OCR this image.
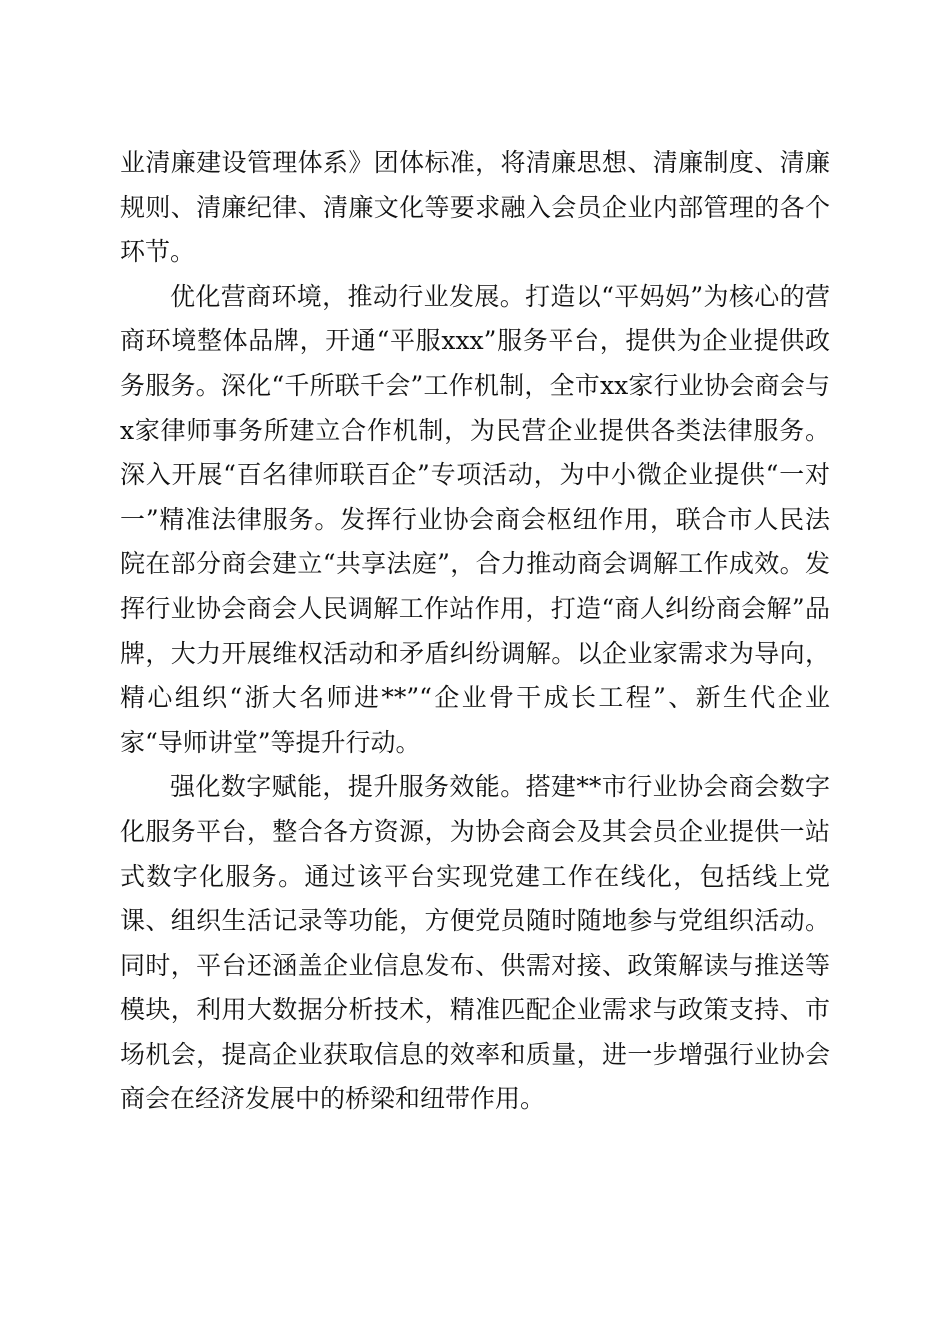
业清廉建设管理体系》团体标准，将清廉思想、清廉制度、清廉规则、清廉纪律、清廉文化等要求融入会员企业内部管理的各个环节。

优化营商环境，推动行业发展。打造以“平妈妈”为核心的营商环境整体品牌，开通“平服xxx”服务平台，提供为企业提供政务服务。深化“千所联千会”工作机制，全市xx家行业协会商会与x家律师事务所建立合作机制，为民营企业提供各类法律服务。深入开展“百名律师联百企”专项活动，为中小微企业提供“一对一”精准法律服务。发挥行业协会商会枢纽作用，联合市人民法院在部分商会建立“共享法庭”，合力推动商会调解工作成效。发挥行业协会商会人民调解工作站作用，打造“商人纠纷商会解”品牌，大力开展维权活动和矛盾纠纷调解。以企业家需求为导向，精心组织“浙大名师进**”“企业骨干成长工程”、新生代企业家“导师讲堂”等提升行动。

强化数字赋能，提升服务效能。搭建**市行业协会商会数字化服务平台，整合各方资源，为协会商会及其会员企业提供一站式数字化服务。通过该平台实现党建工作在线化，包括线上党课、组织生活记录等功能，方便党员随时随地参与党组织活动。同时，平台还涵盖企业信息发布、供需对接、政策解读与推送等模块，利用大数据分析技术，精准匹配企业需求与政策支持、市场机会，提高企业获取信息的效率和质量，进一步增强行业协会商会在经济发展中的桥梁和纽带作用。
